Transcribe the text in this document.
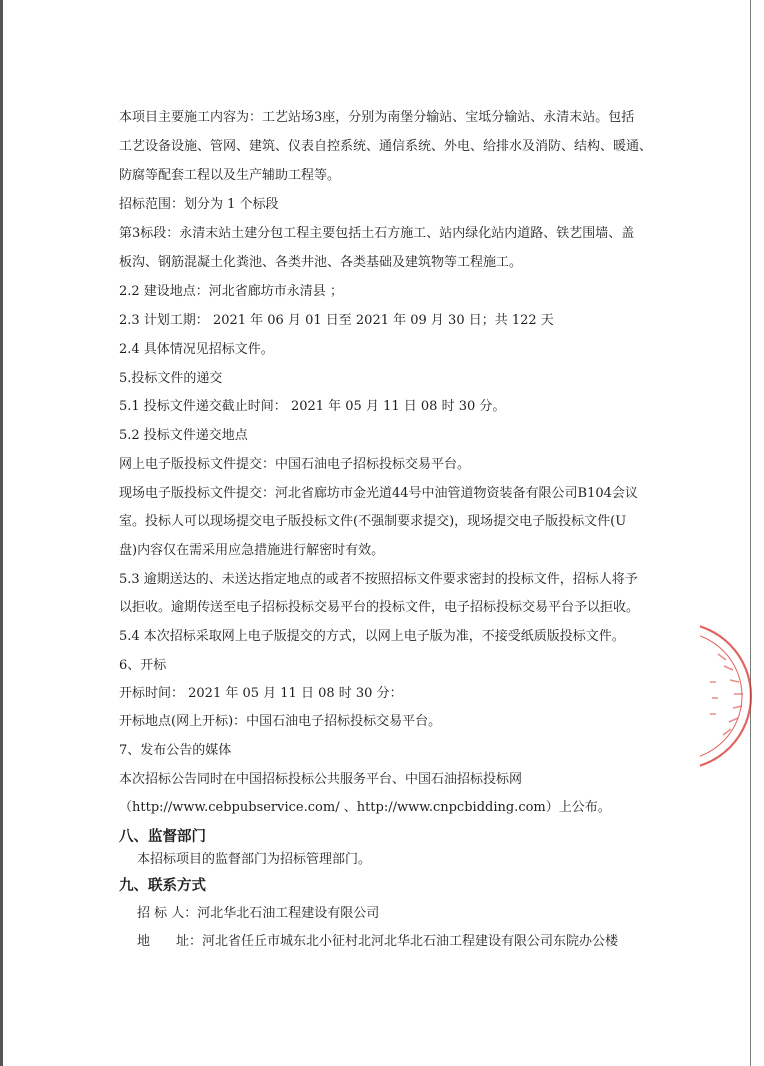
本项目主要施工内容为：工艺站场3座，分别为南堡分输站、宝坻分输站、永清末站。包括
工艺设备设施、管网、建筑、仪表自控系统、通信系统、外电、给排水及消防、结构、暖通、
防腐等配套工程以及生产辅助工程等。
招标范围：划分为 1 个标段
第3标段：永清末站土建分包工程主要包括土石方施工、站内绿化站内道路、铁艺围墙、盖
板沟、钢筋混凝土化粪池、各类井池、各类基础及建筑物等工程施工。
2.2 建设地点：河北省廊坊市永清县 ；
2.3 计划工期： 2021 年 06 月 01 日至 2021 年 09 月 30 日；共 122 天
2.4 具体情况见招标文件。
5.投标文件的递交
5.1 投标文件递交截止时间： 2021 年 05 月 11 日 08 时 30 分。
5.2 投标文件递交地点
网上电子版投标文件提交：中国石油电子招标投标交易平台。
现场电子版投标文件提交：河北省廊坊市金光道44号中油管道物资装备有限公司B104会议
室。投标人可以现场提交电子版投标文件(不强制要求提交)，现场提交电子版投标文件(U
盘)内容仅在需采用应急措施进行解密时有效。
5.3 逾期送达的、未送达指定地点的或者不按照招标文件要求密封的投标文件，招标人将予
以拒收。逾期传送至电子招标投标交易平台的投标文件，电子招标投标交易平台予以拒收。
5.4 本次招标采取网上电子版提交的方式，以网上电子版为准，不接受纸质版投标文件。
6、开标
开标时间： 2021 年 05 月 11 日 08 时 30 分：
开标地点(网上开标)：中国石油电子招标投标交易平台。
7、发布公告的媒体
本次招标公告同时在中国招标投标公共服务平台、中国石油招标投标网
（http://www.cebpubservice.com/ 、http://www.cnpcbidding.com）上公布。
八、监督部门
本招标项目的监督部门为招标管理部门。
九、联系方式
招 标 人：河北华北石油工程建设有限公司
地　　址：河北省任丘市城东北小征村北河北华北石油工程建设有限公司东院办公楼
